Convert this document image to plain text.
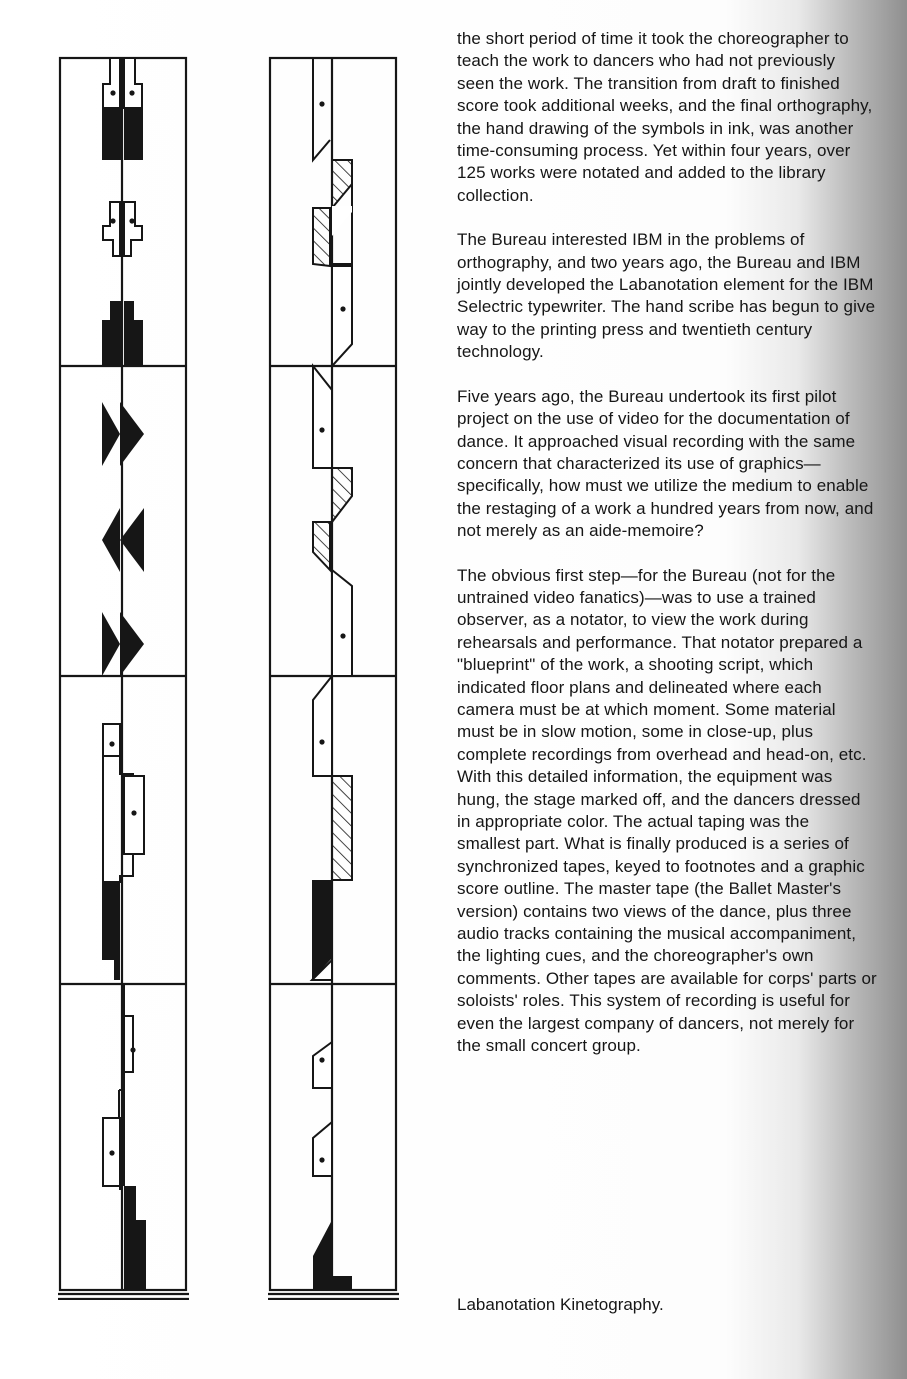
the short period of time it took the choreographer to teach the work to dancers who had not previously seen the work. The transition from draft to finished score took additional weeks, and the final orthography, the hand drawing of the symbols in ink, was another time-consuming process. Yet within four years, over 125 works were notated and added to the library collection.

The Bureau interested IBM in the problems of orthography, and two years ago, the Bureau and IBM jointly developed the Labanotation element for the IBM Selectric typewriter. The hand scribe has begun to give way to the printing press and twentieth century technology.

Five years ago, the Bureau undertook its first pilot project on the use of video for the documentation of dance. It approached visual recording with the same concern that characterized its use of graphics—specifically, how must we utilize the medium to enable the restaging of a work a hundred years from now, and not merely as an aide-memoire?

The obvious first step—for the Bureau (not for the untrained video fanatics)—was to use a trained observer, as a notator, to view the work during rehearsals and performance. That notator prepared a "blueprint" of the work, a shooting script, which indicated floor plans and delineated where each camera must be at which moment. Some material must be in slow motion, some in close-up, plus complete recordings from overhead and head-on, etc. With this detailed information, the equipment was hung, the stage marked off, and the dancers dressed in appropriate color. The actual taping was the smallest part. What is finally produced is a series of synchronized tapes, keyed to footnotes and a graphic score outline. The master tape (the Ballet Master's version) contains two views of the dance, plus three audio tracks containing the musical accompaniment, the lighting cues, and the choreographer's own comments. Other tapes are available for corps' parts or soloists' roles. This system of recording is useful for even the largest company of dancers, not merely for the small concert group.

Labanotation Kinetography.
